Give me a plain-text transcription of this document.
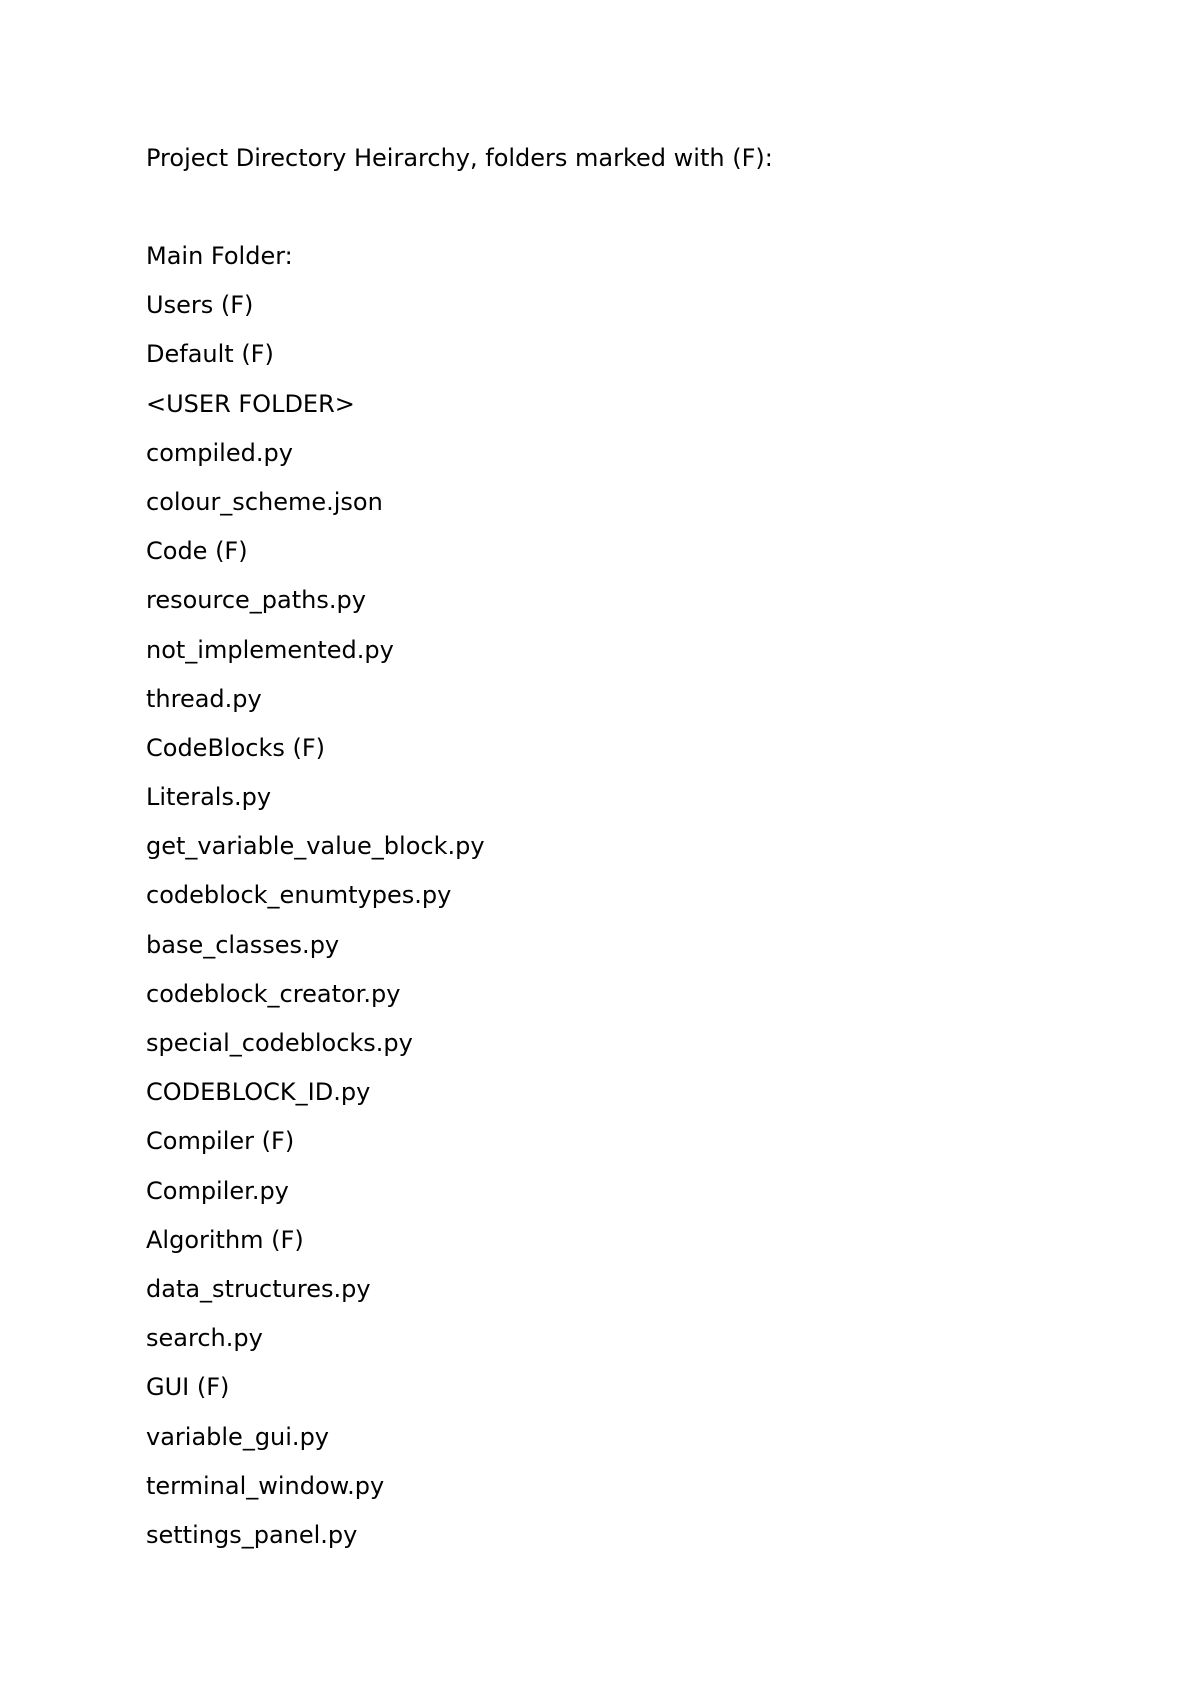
Project Directory Heirarchy, folders marked with (F):
Main Folder:
Users (F)
Default (F)
<USER FOLDER>
compiled.py
colour_scheme.json
Code (F)
resource_paths.py
not_implemented.py
thread.py
CodeBlocks (F)
Literals.py
get_variable_value_block.py
codeblock_enumtypes.py
base_classes.py
codeblock_creator.py
special_codeblocks.py
CODEBLOCK_ID.py
Compiler (F)
Compiler.py
Algorithm (F)
data_structures.py
search.py
GUI (F)
variable_gui.py
terminal_window.py
settings_panel.py
